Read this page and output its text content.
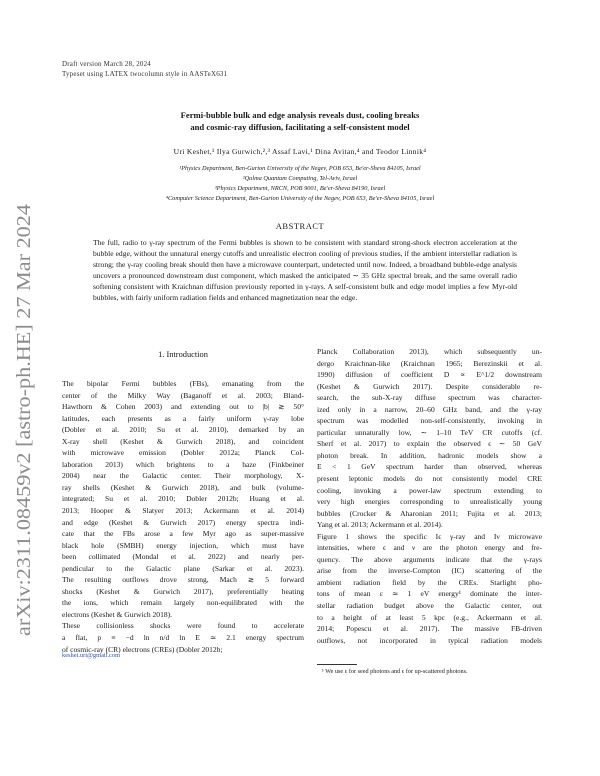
arXiv:2311.08459v2 [astro-ph.HE] 27 Mar 2024
Draft version March 28, 2024
Typeset using LATEX twocolumn style in AASTeX631
Fermi-bubble bulk and edge analysis reveals dust, cooling breaks
and cosmic-ray diffusion, facilitating a self-consistent model
Uri Keshet,¹ Ilya Gurwich,²,³ Assaf Lavi,¹ Dina Avitan,⁴ and Teodor Linnik⁴
¹Physics Department, Ben-Gurion University of the Negev, POB 653, Be'er-Sheva 84105, Israel
²Qalma Quantum Computing, Tel-Aviv, Israel
³Physics Department, NRCN, POB 9001, Be'er-Sheva 84190, Israel
⁴Computer Science Department, Ben-Gurion University of the Negev, POB 653, Be'er-Sheva 84105, Israel
ABSTRACT
The full, radio to γ-ray spectrum of the Fermi bubbles is shown to be consistent with standard strong-shock electron acceleration at the bubble edge, without the unnatural energy cutoffs and unrealistic electron cooling of previous studies, if the ambient interstellar radiation is strong; the γ-ray cooling break should then have a microwave counterpart, undetected until now. Indeed, a broadband bubble-edge analysis uncovers a pronounced downstream dust component, which masked the anticipated ∼ 35 GHz spectral break, and the same overall radio softening consistent with Kraichnan diffusion previously reported in γ-rays. A self-consistent bulk and edge model implies a few Myr-old bubbles, with fairly uniform radiation fields and enhanced magnetization near the edge.
1. Introduction
The bipolar Fermi bubbles (FBs), emanating from the
center of the Milky Way (Baganoff et al. 2003; Bland-
Hawthorn & Cohen 2003) and extending out to |b| ≳ 50°
latitudes, each presents as a fairly uniform γ-ray lobe
(Dobler et al. 2010; Su et al. 2010), demarked by an
X-ray shell (Keshet & Gurwich 2018), and coincident
with microwave emission (Dobler 2012a; Planck Col-
laboration 2013) which brightens to a haze (Finkbeiner
2004) near the Galactic center. Their morphology, X-
ray shells (Keshet & Gurwich 2018), and bulk (volume-
integrated; Su et al. 2010; Dobler 2012b; Huang et al.
2013; Hooper & Slatyer 2013; Ackermann et al. 2014)
and edge (Keshet & Gurwich 2017) energy spectra indi-
cate that the FBs arose a few Myr ago as super-massive
black hole (SMBH) energy injection, which must have
been collimated (Mondal et al. 2022) and nearly per-
pendicular to the Galactic plane (Sarkar et al. 2023).
The resulting outflows drove strong, Mach ≳ 5 forward
shocks (Keshet & Gurwich 2017), preferentially heating
the ions, which remain largely non-equilibrated with the
electrons (Keshet & Gurwich 2018).
These collisionless shocks were found to accelerate
a flat, p ≡ −d ln n/d ln E ≃ 2.1 energy spectrum
of cosmic-ray (CR) electrons (CREs) (Dobler 2012b;
Planck Collaboration 2013), which subsequently un-
dergo Kraichnan-like (Kraichnan 1965; Berezinskii et al.
1990) diffusion of coefficient D ∝ E^1/2 downstream
(Keshet & Gurwich 2017). Despite considerable re-
search, the sub-X-ray diffuse spectrum was character-
ized only in a narrow, 20–60 GHz band, and the γ-ray
spectrum was modelled non-self-consistently, invoking in
particular unnaturally low, ∼ 1–10 TeV CR cutoffs (cf.
Sherf et al. 2017) to explain the observed ϵ ∼ 50 GeV
photon break. In addition, hadronic models show a
E < 1 GeV spectrum harder than observed, whereas
present leptonic models do not consistently model CRE
cooling, invoking a power-law spectrum extending to
very high energies corresponding to unrealistically young
bubbles (Crocker & Aharonian 2011; Fujita et al. 2013;
Yang et al. 2013; Ackermann et al. 2014).
Figure 1 shows the specific Iϵ γ-ray and Iν microwave
intensities, where ϵ and ν are the photon energy and fre-
quency. The above arguments indicate that the γ-rays
arise from the inverse-Compton (IC) scattering of the
ambient radiation field by the CREs. Starlight pho-
tons of mean ε ≃ 1 eV energy¹ dominate the inter-
stellar radiation budget above the Galactic center, out
to a height of at least 5 kpc (e.g., Ackermann et al.
2014; Popescu et al. 2017). The massive FB-driven
outflows, not incorporated in typical radiation models
keshet.uri@gmail.com
¹ We use ε for seed photons and ϵ for up-scattered photons.
